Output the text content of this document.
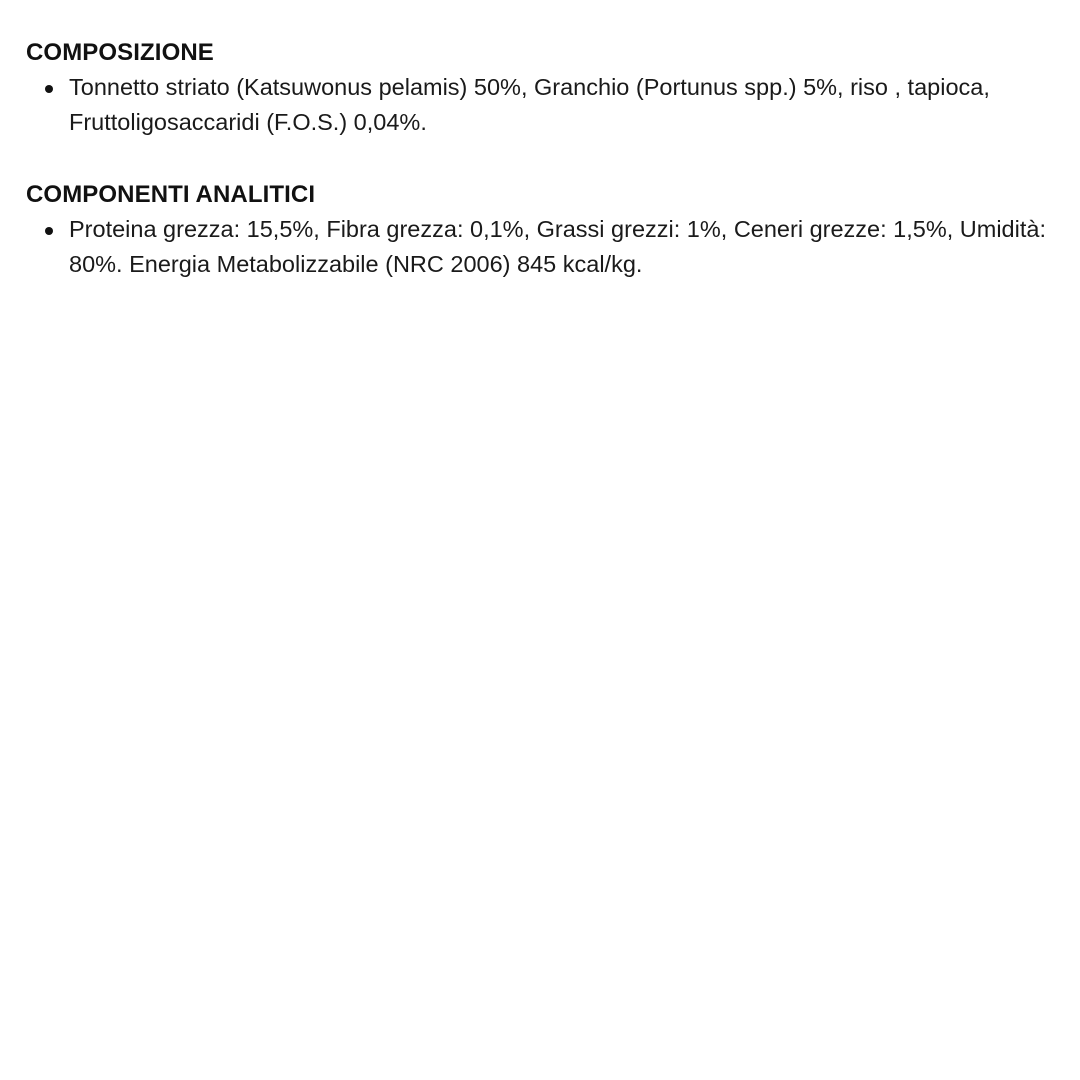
COMPOSIZIONE
Tonnetto striato (Katsuwonus pelamis) 50%, Granchio (Portunus spp.) 5%, riso , tapioca, Fruttoligosaccaridi (F.O.S.) 0,04%.
COMPONENTI ANALITICI
Proteina grezza: 15,5%, Fibra grezza: 0,1%, Grassi grezzi: 1%, Ceneri grezze: 1,5%, Umidità: 80%. Energia Metabolizzabile (NRC 2006) 845 kcal/kg.
